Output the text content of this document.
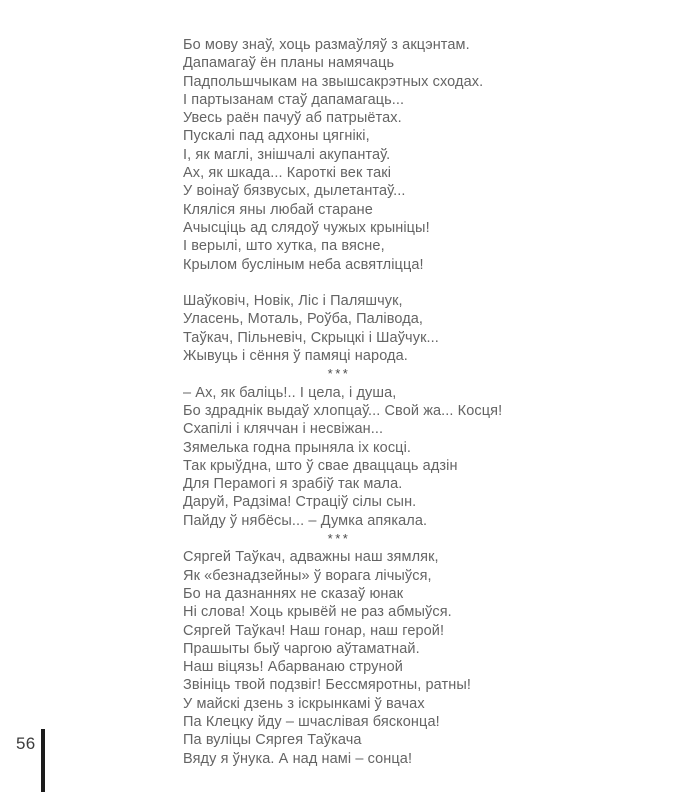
Бо мову знаў, хоць размаўляў з акцэнтам.
Дапамагаў ён планы намячаць
Падпольшчыкам на звышсакрэтных сходах.
І партызанам стаў дапамагаць...
Увесь раён пачуў аб патрыётах.
Пускалі пад адхоны цягнікі,
І, як маглі, знішчалі акупантаў.
Ах, як шкада... Кароткі век такі
У воінаў бязвусых, дылетантаў...
Кляліся яны любай старане
Ачысціць ад слядоў чужых крыніцы!
І верылі, што хутка, па вясне,
Крылом бусліным неба асвятліцца!
Шаўковіч, Новік, Ліс і Паляшчук,
Уласень, Моталь, Роўба, Палівода,
Таўкач, Пільневіч, Скрыцкі і Шаўчук...
Жывуць і сёння ў памяці народа.
***
– Ах, як баліць!.. І цела, і душа,
Бо здраднік выдаў хлопцаў... Свой жа... Косця!
Схапілі і кляччан і несвіжан...
Зямелька годна прыняла іх косці.
Так крыўдна, што ў свае дваццаць адзін
Для Перамогі я зрабіў так мала.
Даруй, Радзіма! Страціў сілы сын.
Пайду ў нябёсы... – Думка апякала.
***
Сяргей Таўкач, адважны наш зямляк,
Як «безнадзейны» ў ворага лічыўся,
Бо на дазнаннях не сказаў юнак
Ні слова! Хоць крывёй не раз абмыўся.
Сяргей Таўкач! Наш гонар, наш герой!
Прашыты быў чаргою аўтаматнай.
Наш віцязь! Абарванаю струной
Звініць твой подзвіг! Бессмяротны, ратны!
У майскі дзень з іскрынкамі ў вачах
Па Клецку йду – шчаслівая бясконца!
Па вуліцы Сяргея Таўкача
Вяду я ўнука. А над намі – сонца!
56
